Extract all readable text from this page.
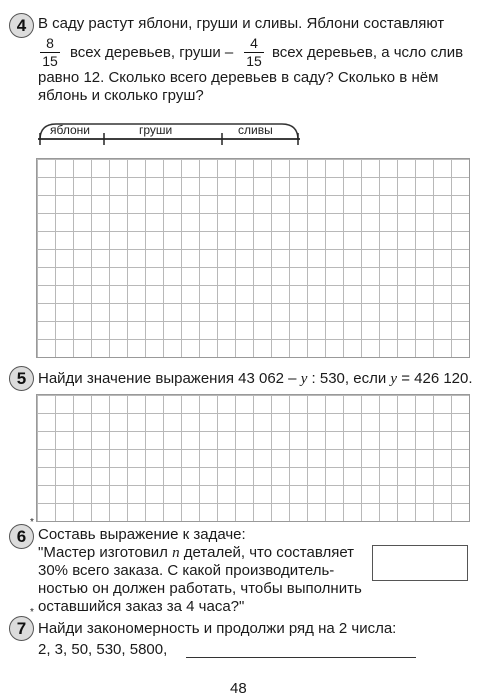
4 В саду растут яблони, груши и сливы. Яблони составляют
8
15 всех деревьев, груши –
4
15 всех деревьев, а чсло слив
равно 12. Сколько всего деревьев в саду? Сколько в нём
яблонь и сколько груш?
яблони	груши	сливы
5 Найди значение выражения 43 062 – y : 530, если y = 426 120.
*
6 Составь выражение к задаче:
"Мастер изготовил n деталей, что составляет
30% всего заказа. С какой производитель-
ностью он должен работать, чтобы выполнить
оставшийся заказ за 4 часа?"
*
7 Найди закономерность и продолжи ряд на 2 числа:
2, 3, 50, 530, 5800,
48
